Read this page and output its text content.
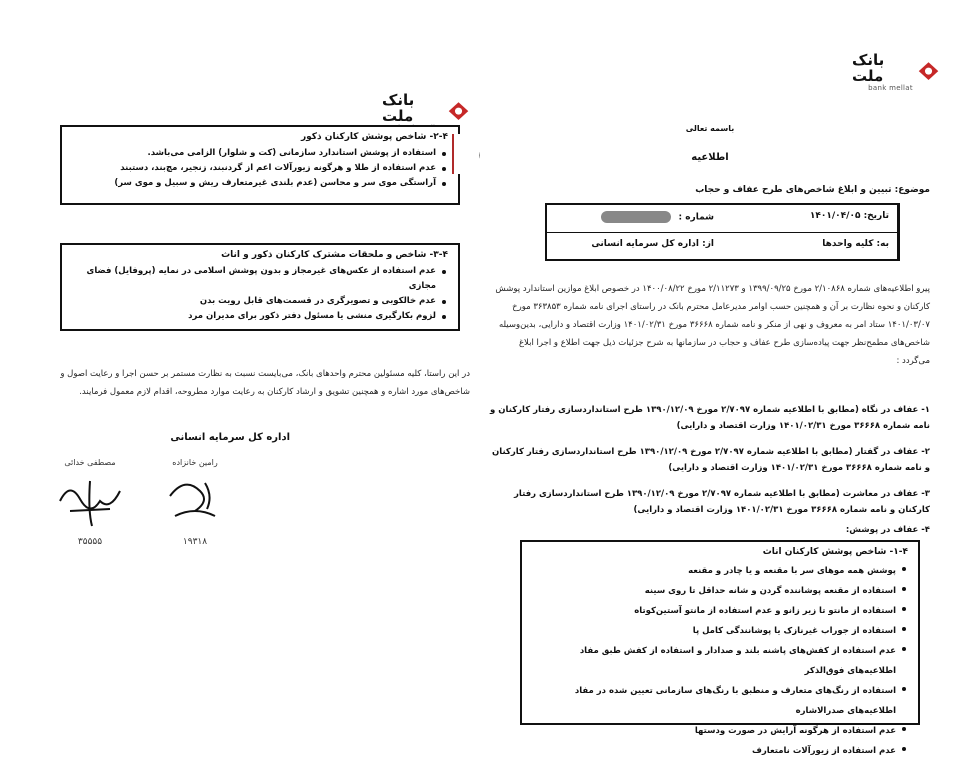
بانک ملت
۲-۴- شاخص پوشش کارکنان ذکور
استفاده از پوشش استاندارد سازمانی (کت و شلوار) الزامی می‌باشد.
عدم استفاده از طلا و هرگونه زیورآلات اعم از گردنبند، زنجیر، مچ‌بند، دستبند
آراستگی موی سر و محاسن (عدم بلندی غیرمتعارف ریش و سبیل و موی سر)
۳-۴- شاخص و ملحقات مشترک کارکنان ذکور و اناث
عدم استفاده از عکس‌های غیرمجاز و بدون پوشش اسلامی در نمایه (پروفایل) فضای مجازی
عدم خالکوبی و تصویرگری در قسمت‌های قابل رویت بدن
لزوم بکارگیری منشی یا مسئول دفتر ذکور برای مدیران مرد
در این راستا، کلیه مسئولین محترم واحدهای بانک، می‌بایست نسبت به نظارت مستمر بر حسن اجرا و رعایت اصول و شاخص‌های مورد اشاره و همچنین تشویق و ارشاد کارکنان به رعایت موارد مطروحه، اقدام لازم معمول فرمایند.
اداره کل سرمایه انسانی
مصطفی خدائی
۳۵۵۵۵
رامین خانزاده
۱۹۳۱۸
بانک ملت
bank mellat
باسمه تعالی
اطلاعیه
موضوع: تبیین و ابلاغ شاخص‌های طرح عفاف و حجاب
شماره :	تاریخ: ۱۴۰۱/۰۴/۰۵
از: اداره کل سرمایه انسانی	به: کلیه واحدها
پیرو اطلاعیه‌های شماره ۲/۱۰۸۶۸ مورخ ۱۳۹۹/۰۹/۲۵ و ۲/۱۱۲۷۳ مورخ ۱۴۰۰/۰۸/۲۲ در خصوص ابلاغ موازین استاندارد پوشش کارکنان و نحوه نظارت بر آن و همچنین حسب اوامر مدیرعامل محترم بانک در راستای اجرای نامه شماره ۳۶۳۸۵۳ مورخ ۱۴۰۱/۰۳/۰۷ ستاد امر به معروف و نهی از منکر و نامه شماره ۳۶۶۶۸ مورخ ۱۴۰۱/۰۲/۳۱ وزارت اقتصاد و دارایی، بدین‌وسیله شاخص‌های مطمح‌نظر جهت پیاده‌سازی طرح عفاف و حجاب در سازمانها به شرح جزئیات ذیل جهت اطلاع و اجرا ابلاغ می‌گردد :
۱- عفاف در نگاه (مطابق با اطلاعیه شماره ۲/۷۰۹۷ مورخ ۱۳۹۰/۱۲/۰۹ طرح استانداردسازی رفتار کارکنان و نامه شماره ۳۶۶۶۸ مورخ ۱۴۰۱/۰۲/۳۱ وزارت اقتصاد و دارایی)
۲- عفاف در گفتار (مطابق با اطلاعیه شماره ۲/۷۰۹۷ مورخ ۱۳۹۰/۱۲/۰۹ طرح استانداردسازی رفتار کارکنان و نامه شماره ۳۶۶۶۸ مورخ ۱۴۰۱/۰۲/۳۱ وزارت اقتصاد و دارایی)
۳- عفاف در معاشرت (مطابق با اطلاعیه شماره ۲/۷۰۹۷ مورخ ۱۳۹۰/۱۲/۰۹ طرح استانداردسازی رفتار کارکنان و نامه شماره ۳۶۶۶۸ مورخ ۱۴۰۱/۰۲/۳۱ وزارت اقتصاد و دارایی)
۴- عفاف در پوشش:
۱-۴- شاخص پوشش کارکنان اناث
پوشش همه موهای سر با مقنعه و یا چادر و مقنعه
استفاده از مقنعه پوشاننده گردن و شانه حداقل تا روی سینه
استفاده از مانتو تا زیر زانو و عدم استفاده از مانتو آستین‌کوتاه
استفاده از جوراب غیرنازک یا پوشانندگی کامل پا
عدم استفاده از کفش‌های پاشنه بلند و صدادار و استفاده از کفش طبق مفاد اطلاعیه‌های فوق‌الذکر
استفاده از رنگ‌های متعارف و منطبق با رنگ‌های سازمانی تعیین شده در مفاد اطلاعیه‌های صدرالاشاره
عدم استفاده از هرگونه آرایش در صورت ودستها
عدم استفاده از زیورآلات نامتعارف
